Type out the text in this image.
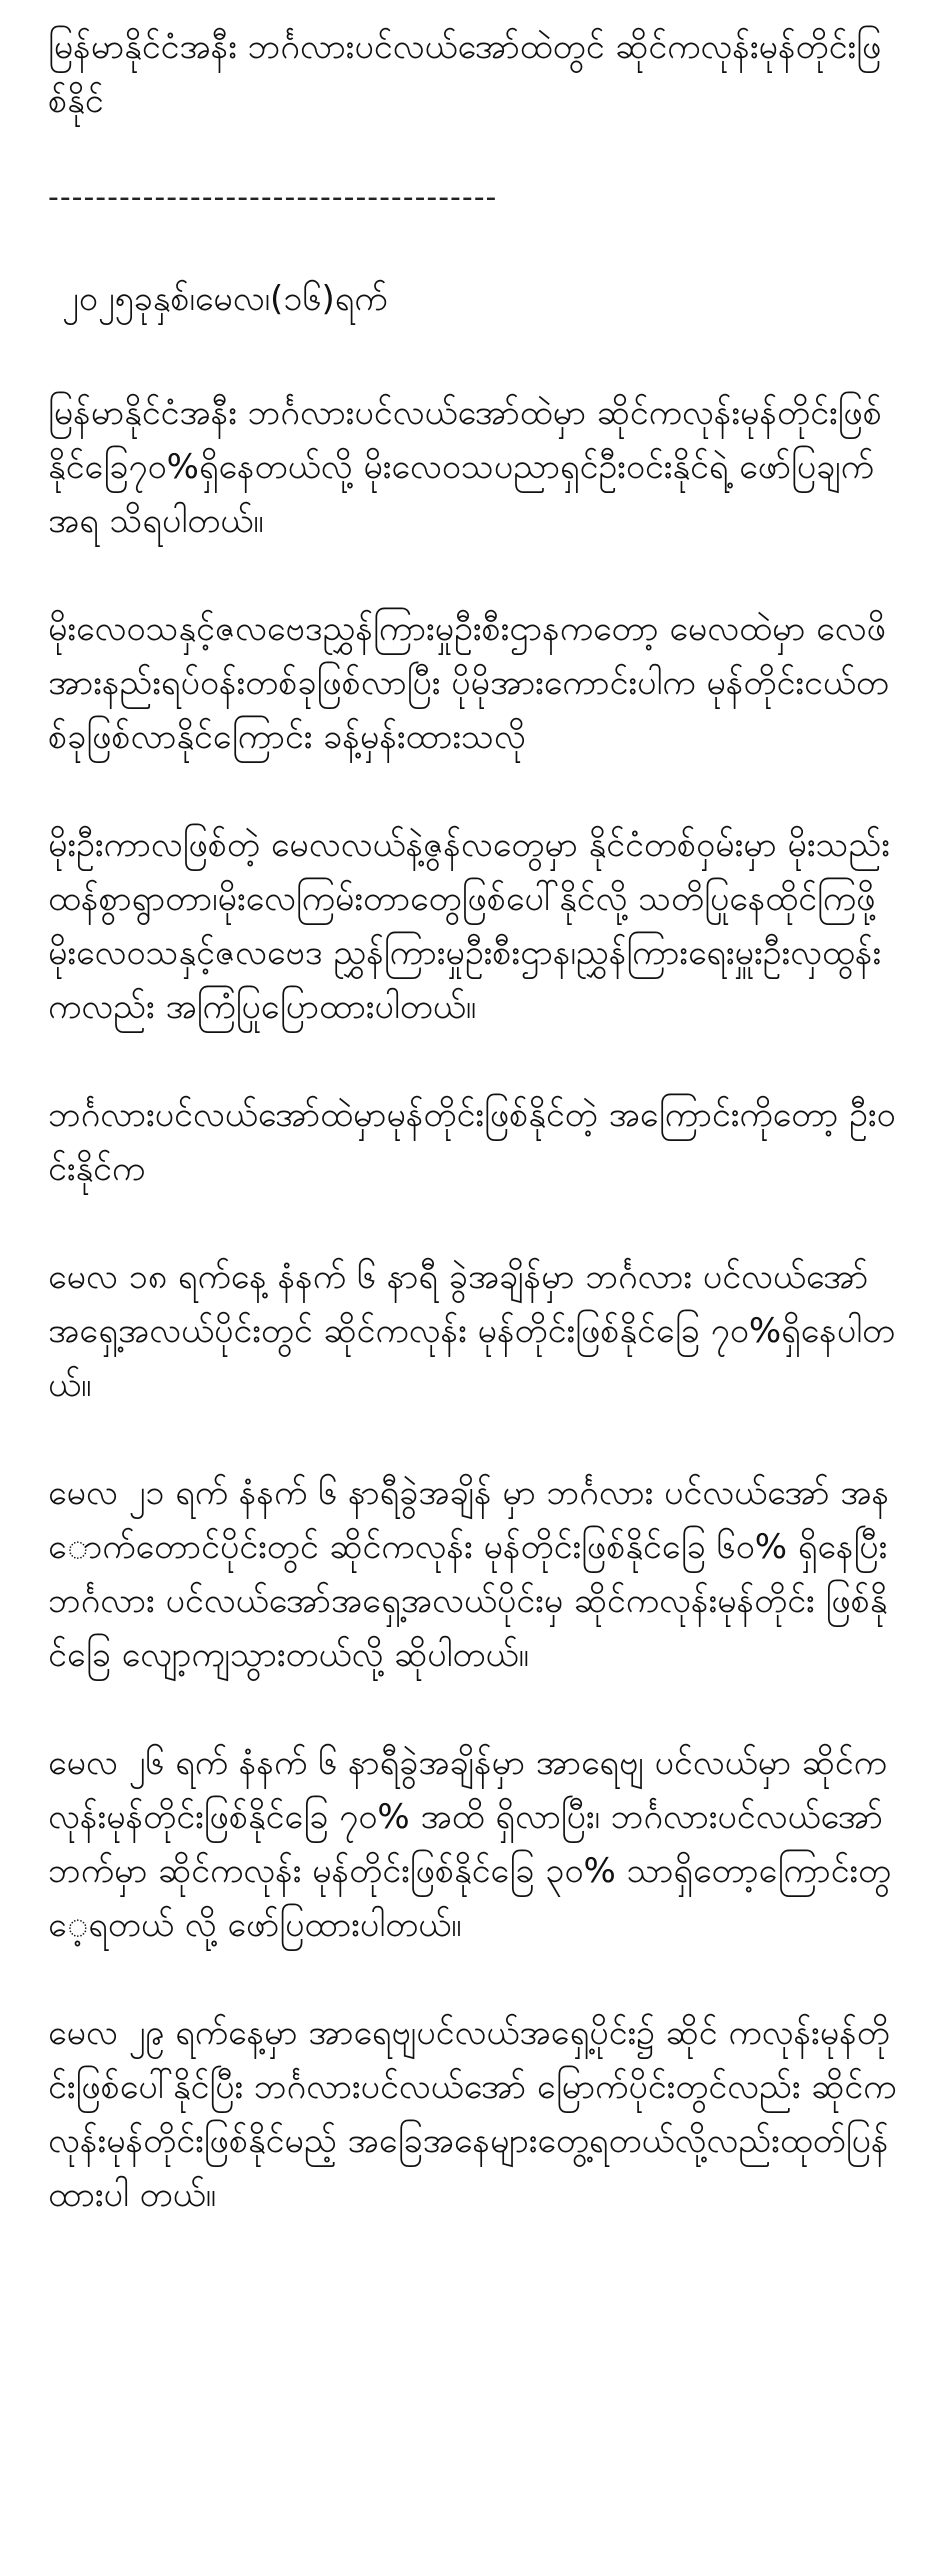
မြန်မာနိုင်ငံအနီး ဘင်္ဂလားပင်လယ်အော်ထဲတွင် ဆိုင်ကလုန်းမုန်တိုင်းဖြစ်နိုင်

--------------------------------------

၂၀၂၅ခုနှစ်၊မေလ၊(၁၆)ရက်

မြန်မာနိုင်ငံအနီး ဘင်္ဂလားပင်လယ်အော်ထဲမှာ ဆိုင်ကလုန်းမုန်တိုင်းဖြစ်နိုင်ခြေ၇၀%ရှိနေတယ်လို့ မိုးလေ၀သပညာရှင်ဦးဝင်းနိုင်ရဲ့ ဖော်ပြချက်အရ သိရပါတယ်။

မိုးလေ၀သနှင့်ဇလဗေဒညွှန်ကြားမှုဦးစီးဌာနကတော့ မေလထဲမှာ လေဖိအားနည်းရပ်ဝန်းတစ်ခုဖြစ်လာပြီး ပိုမိုအားကောင်းပါက မုန်တိုင်းငယ်တစ်ခုဖြစ်လာနိုင်ကြောင်း ခန့်မှန်းထားသလို

မိုးဦးကာလဖြစ်တဲ့ မေလလယ်နဲ့ဇွန်လတွေမှာ နိုင်ငံတစ်ဝှမ်းမှာ မိုးသည်းထန်စွာရွာတာ၊မိုးလေကြမ်းတာတွေဖြစ်ပေါ်နိုင်လို့ သတိပြုနေထိုင်ကြဖို့ မိုးလေ၀သနှင့်ဇလဗေဒ ညွှန်ကြားမှုဦးစီးဌာန၊ညွှန်ကြားရေးမှူးဦးလှထွန်းကလည်း အကြံပြုပြောထားပါတယ်။

ဘင်္ဂလားပင်လယ်အော်ထဲမှာမုန်တိုင်းဖြစ်နိုင်တဲ့ အကြောင်းကိုတော့ ဦးဝင်းနိုင်က

မေလ ၁၈ ရက်နေ့ နံနက် ၆ နာရီ ခွဲအချိန်မှာ ဘင်္ဂလား ပင်လယ်အော်အရှေ့အလယ်ပိုင်းတွင် ဆိုင်ကလုန်း မုန်တိုင်းဖြစ်နိုင်ခြေ ၇၀%ရှိနေပါတယ်။

မေလ ၂၁ ရက် နံနက် ၆ နာရီခွဲအချိန် မှာ ဘင်္ဂလား ပင်လယ်အော် အနောက်တောင်ပိုင်းတွင် ဆိုင်ကလုန်း မုန်တိုင်းဖြစ်နိုင်ခြေ ၆၀% ရှိနေပြီး ဘင်္ဂလား ပင်လယ်အော်အရှေ့အလယ်ပိုင်းမှ ဆိုင်ကလုန်းမုန်တိုင်း ဖြစ်နိုင်ခြေ လျော့ကျသွားတယ်လို့ ဆိုပါတယ်။

မေလ ၂၆ ရက် နံနက် ၆ နာရီခွဲအချိန်မှာ အာရေဗျ ပင်လယ်မှာ ဆိုင်ကလုန်းမုန်တိုင်းဖြစ်နိုင်ခြေ ၇၀% အထိ ရှိလာပြီး၊ ဘင်္ဂလားပင်လယ်အော်ဘက်မှာ ဆိုင်ကလုန်း မုန်တိုင်းဖြစ်နိုင်ခြေ ၃၀% သာရှိတော့ကြောင်းတွေ့ရတယ် လို့ ဖော်ပြထားပါတယ်။

မေလ ၂၉ ရက်နေ့မှာ အာရေဗျပင်လယ်အရှေ့ပိုင်း၌ ဆိုင် ကလုန်းမုန်တိုင်းဖြစ်ပေါ်နိုင်ပြီး ဘင်္ဂလားပင်လယ်အော် မြောက်ပိုင်းတွင်လည်း ဆိုင်ကလုန်းမုန်တိုင်းဖြစ်နိုင်မည့် အခြေအနေများတွေ့ရတယ်လို့လည်းထုတ်ပြန်ထားပါ တယ်။
